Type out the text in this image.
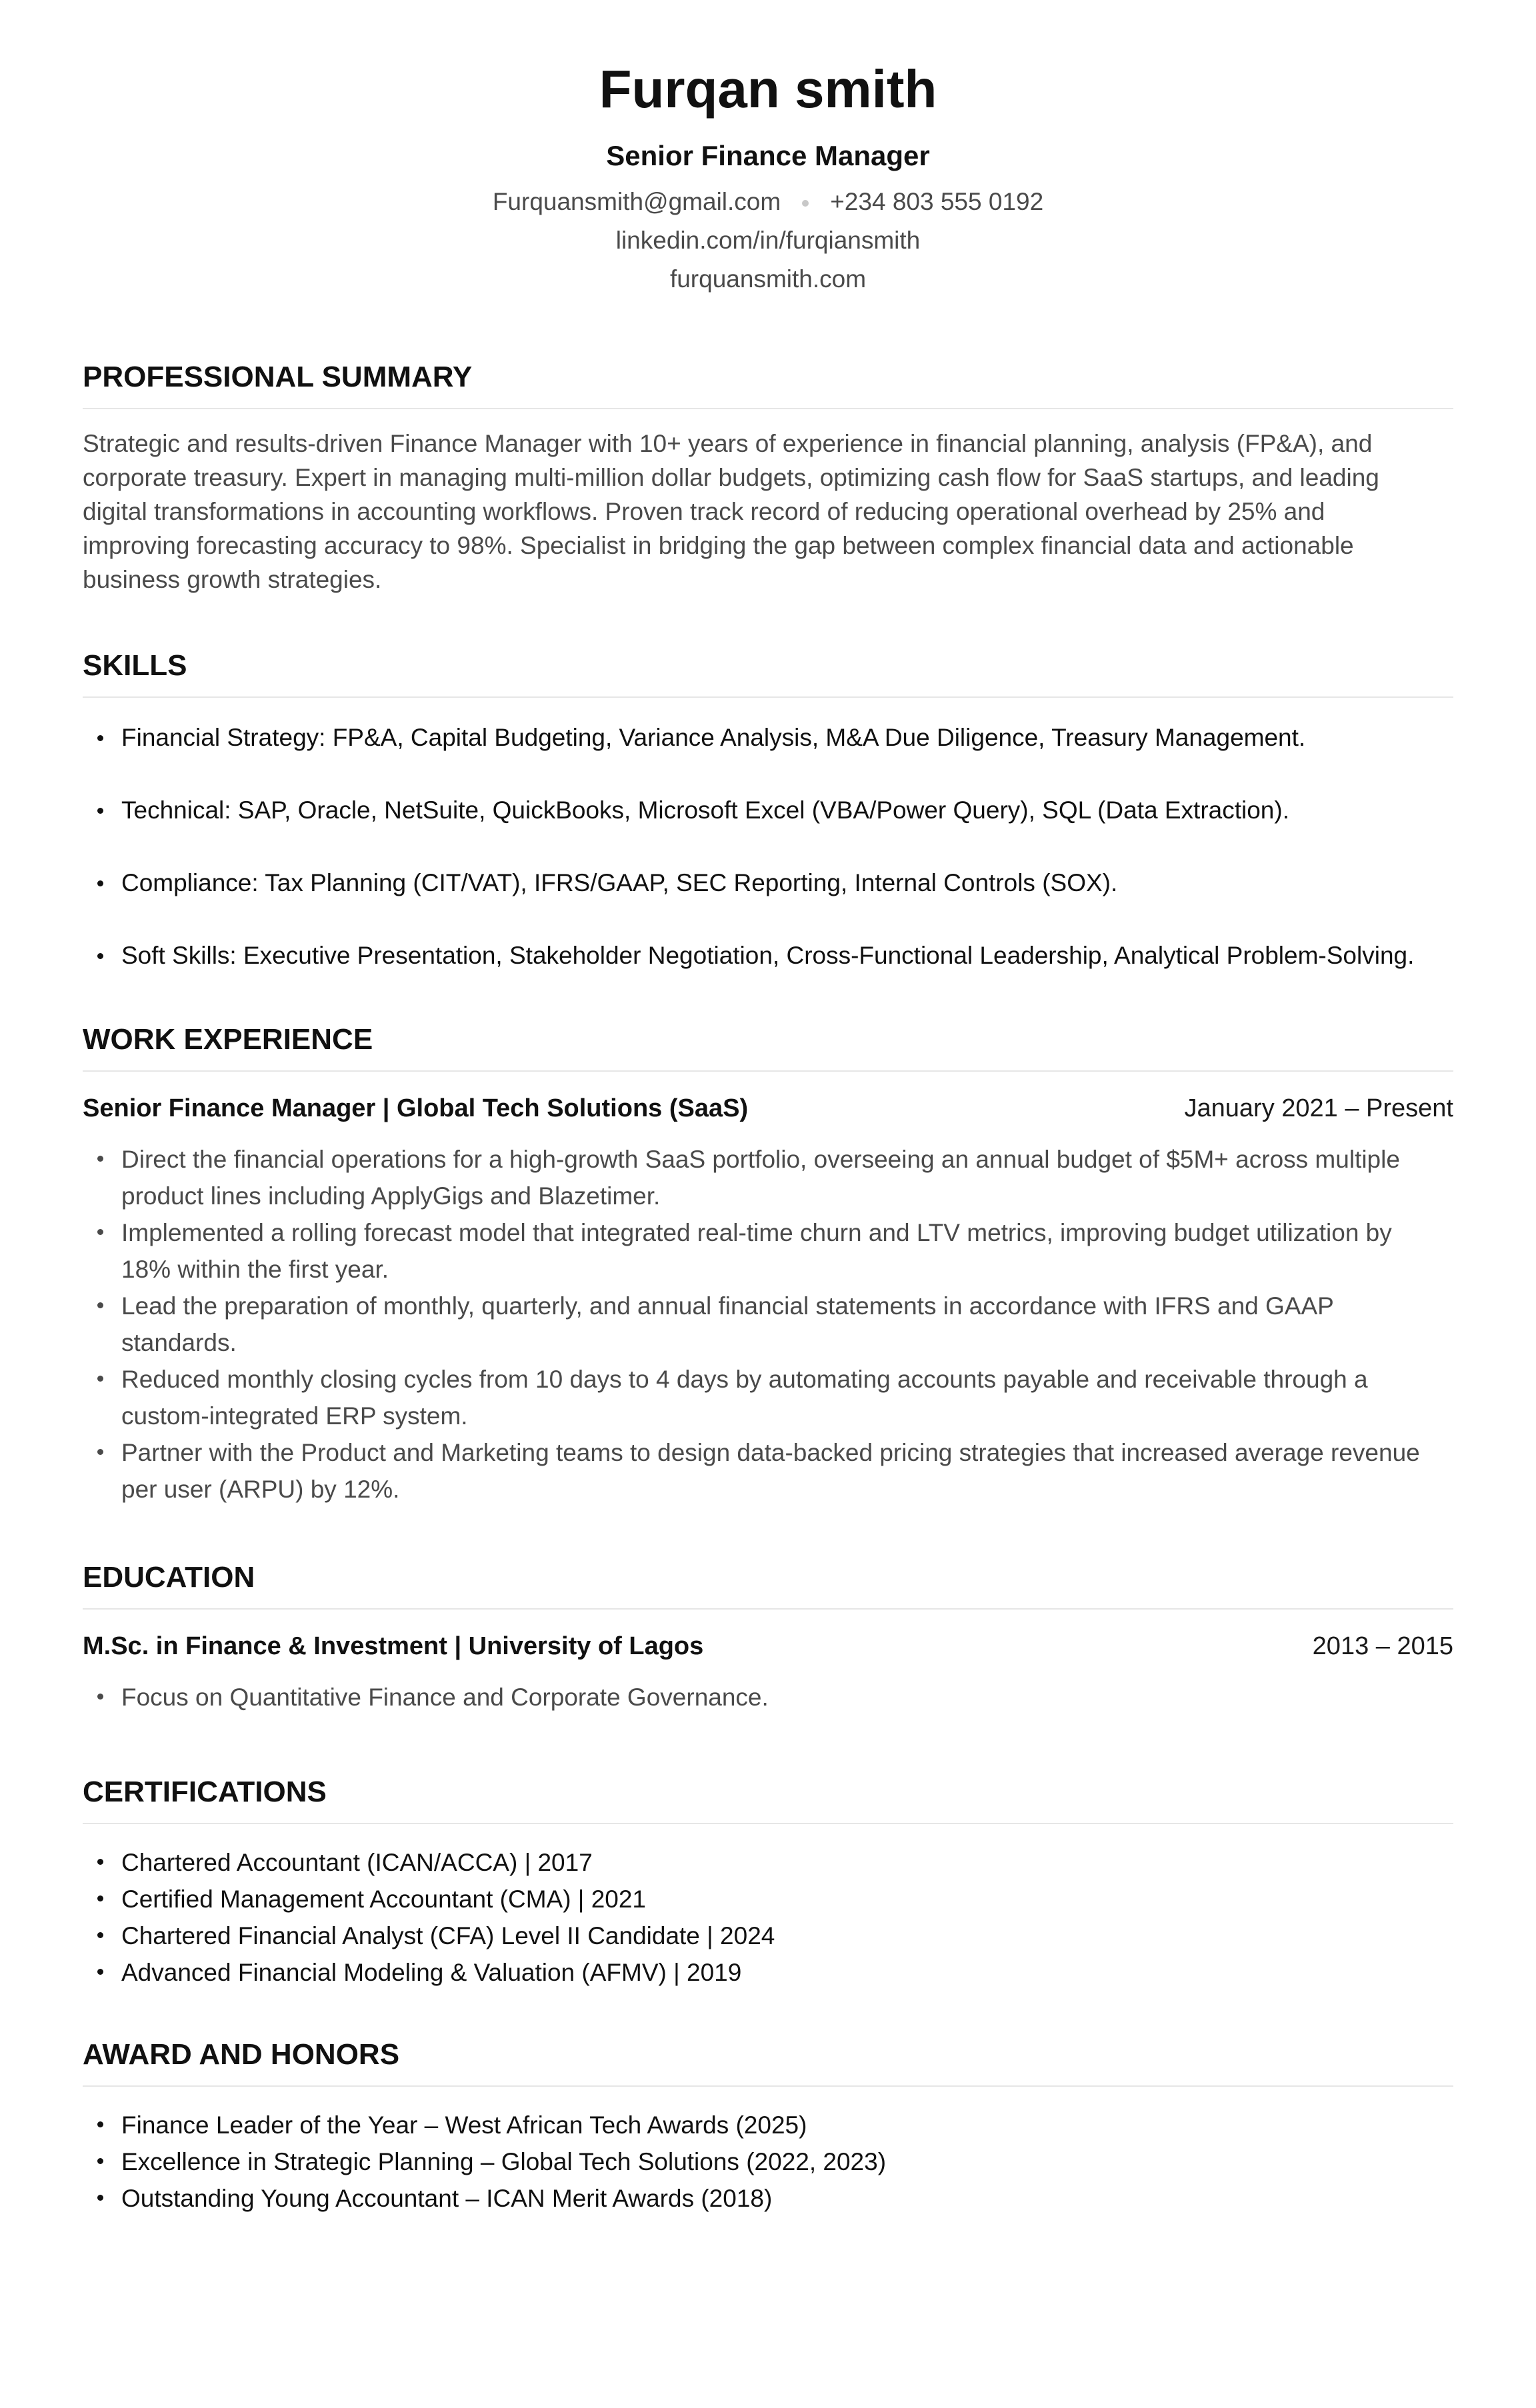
Furqan smith
Senior Finance Manager
Furquansmith@gmail.com +234 803 555 0192
linkedin.com/in/furqiansmith
furquansmith.com
PROFESSIONAL SUMMARY
Strategic and results-driven Finance Manager with 10+ years of experience in financial planning, analysis (FP&A), and
corporate treasury. Expert in managing multi-million dollar budgets, optimizing cash flow for SaaS startups, and leading
digital transformations in accounting workflows. Proven track record of reducing operational overhead by 25% and
improving forecasting accuracy to 98%. Specialist in bridging the gap between complex financial data and actionable
business growth strategies.
SKILLS
Financial Strategy: FP&A, Capital Budgeting, Variance Analysis, M&A Due Diligence, Treasury Management.
Technical: SAP, Oracle, NetSuite, QuickBooks, Microsoft Excel (VBA/Power Query), SQL (Data Extraction).
Compliance: Tax Planning (CIT/VAT), IFRS/GAAP, SEC Reporting, Internal Controls (SOX).
Soft Skills: Executive Presentation, Stakeholder Negotiation, Cross-Functional Leadership, Analytical Problem-Solving.
WORK EXPERIENCE
Senior Finance Manager | Global Tech Solutions (SaaS)	January 2021 – Present
Direct the financial operations for a high-growth SaaS portfolio, overseeing an annual budget of $5M+ across multiple
product lines including ApplyGigs and Blazetimer.
Implemented a rolling forecast model that integrated real-time churn and LTV metrics, improving budget utilization by
18% within the first year.
Lead the preparation of monthly, quarterly, and annual financial statements in accordance with IFRS and GAAP
standards.
Reduced monthly closing cycles from 10 days to 4 days by automating accounts payable and receivable through a
custom-integrated ERP system.
Partner with the Product and Marketing teams to design data-backed pricing strategies that increased average revenue
per user (ARPU) by 12%.
EDUCATION
M.Sc. in Finance & Investment | University of Lagos	2013 – 2015
Focus on Quantitative Finance and Corporate Governance.
CERTIFICATIONS
Chartered Accountant (ICAN/ACCA) | 2017
Certified Management Accountant (CMA) | 2021
Chartered Financial Analyst (CFA) Level II Candidate | 2024
Advanced Financial Modeling & Valuation (AFMV) | 2019
AWARD AND HONORS
Finance Leader of the Year – West African Tech Awards (2025)
Excellence in Strategic Planning – Global Tech Solutions (2022, 2023)
Outstanding Young Accountant – ICAN Merit Awards (2018)
